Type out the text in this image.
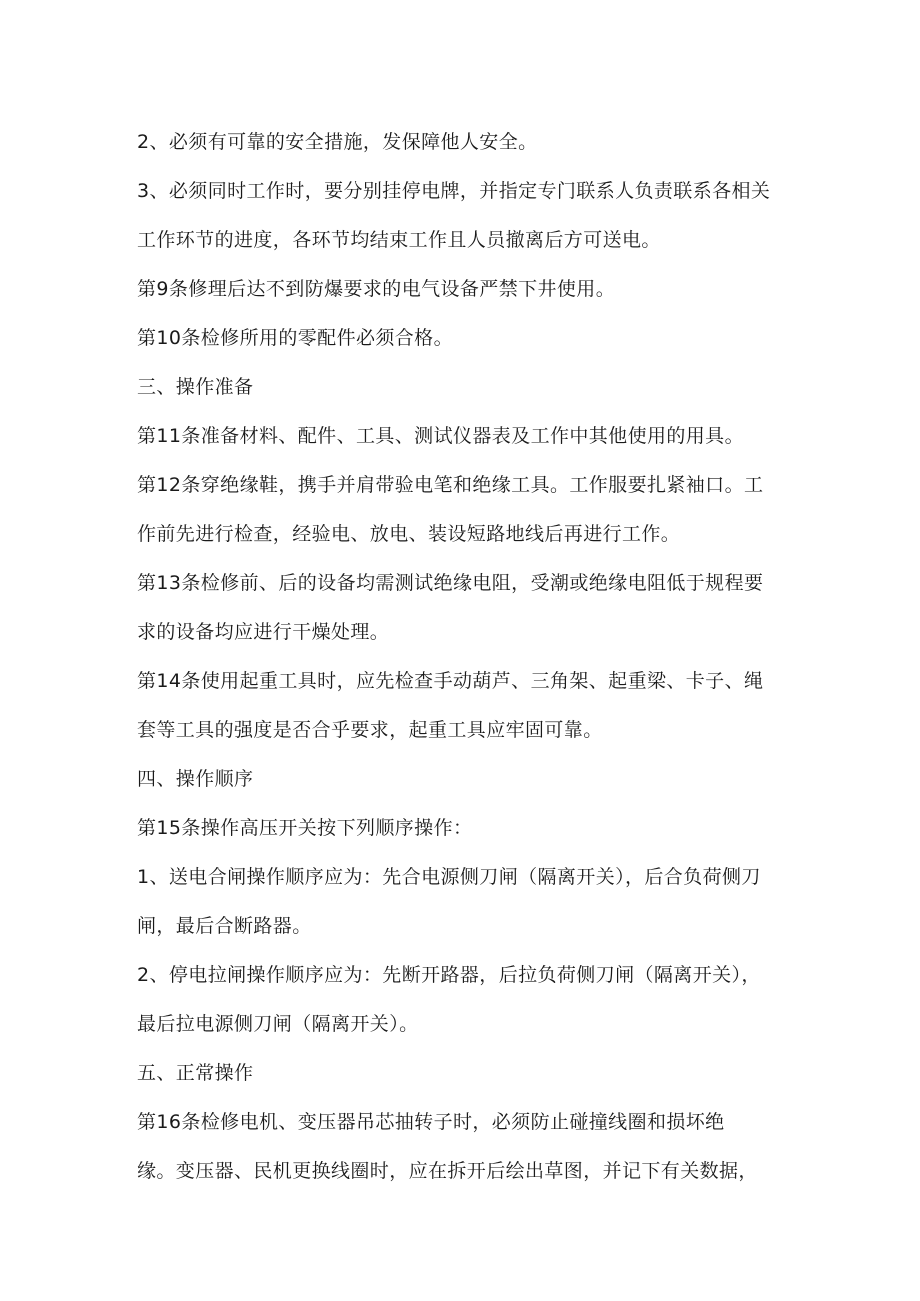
2、必须有可靠的安全措施，发保障他人安全。
3、必须同时工作时，要分别挂停电牌，并指定专门联系人负责联系各相关
工作环节的进度，各环节均结束工作且人员撤离后方可送电。
第9条修理后达不到防爆要求的电气设备严禁下井使用。
第10条检修所用的零配件必须合格。
三、操作准备
第11条准备材料、配件、工具、测试仪器表及工作中其他使用的用具。
第12条穿绝缘鞋，携手并肩带验电笔和绝缘工具。工作服要扎紧袖口。工
作前先进行检查，经验电、放电、装设短路地线后再进行工作。
第13条检修前、后的设备均需测试绝缘电阻，受潮或绝缘电阻低于规程要
求的设备均应进行干燥处理。
第14条使用起重工具时，应先检查手动葫芦、三角架、起重梁、卡子、绳
套等工具的强度是否合乎要求，起重工具应牢固可靠。
四、操作顺序
第15条操作高压开关按下列顺序操作：
1、送电合闸操作顺序应为：先合电源侧刀闸（隔离开关），后合负荷侧刀
闸，最后合断路器。
2、停电拉闸操作顺序应为：先断开路器，后拉负荷侧刀闸（隔离开关），
最后拉电源侧刀闸（隔离开关）。
五、正常操作
第16条检修电机、变压器吊芯抽转子时，必须防止碰撞线圈和损坏绝
缘。变压器、民机更换线圈时，应在拆开后绘出草图，并记下有关数据，
